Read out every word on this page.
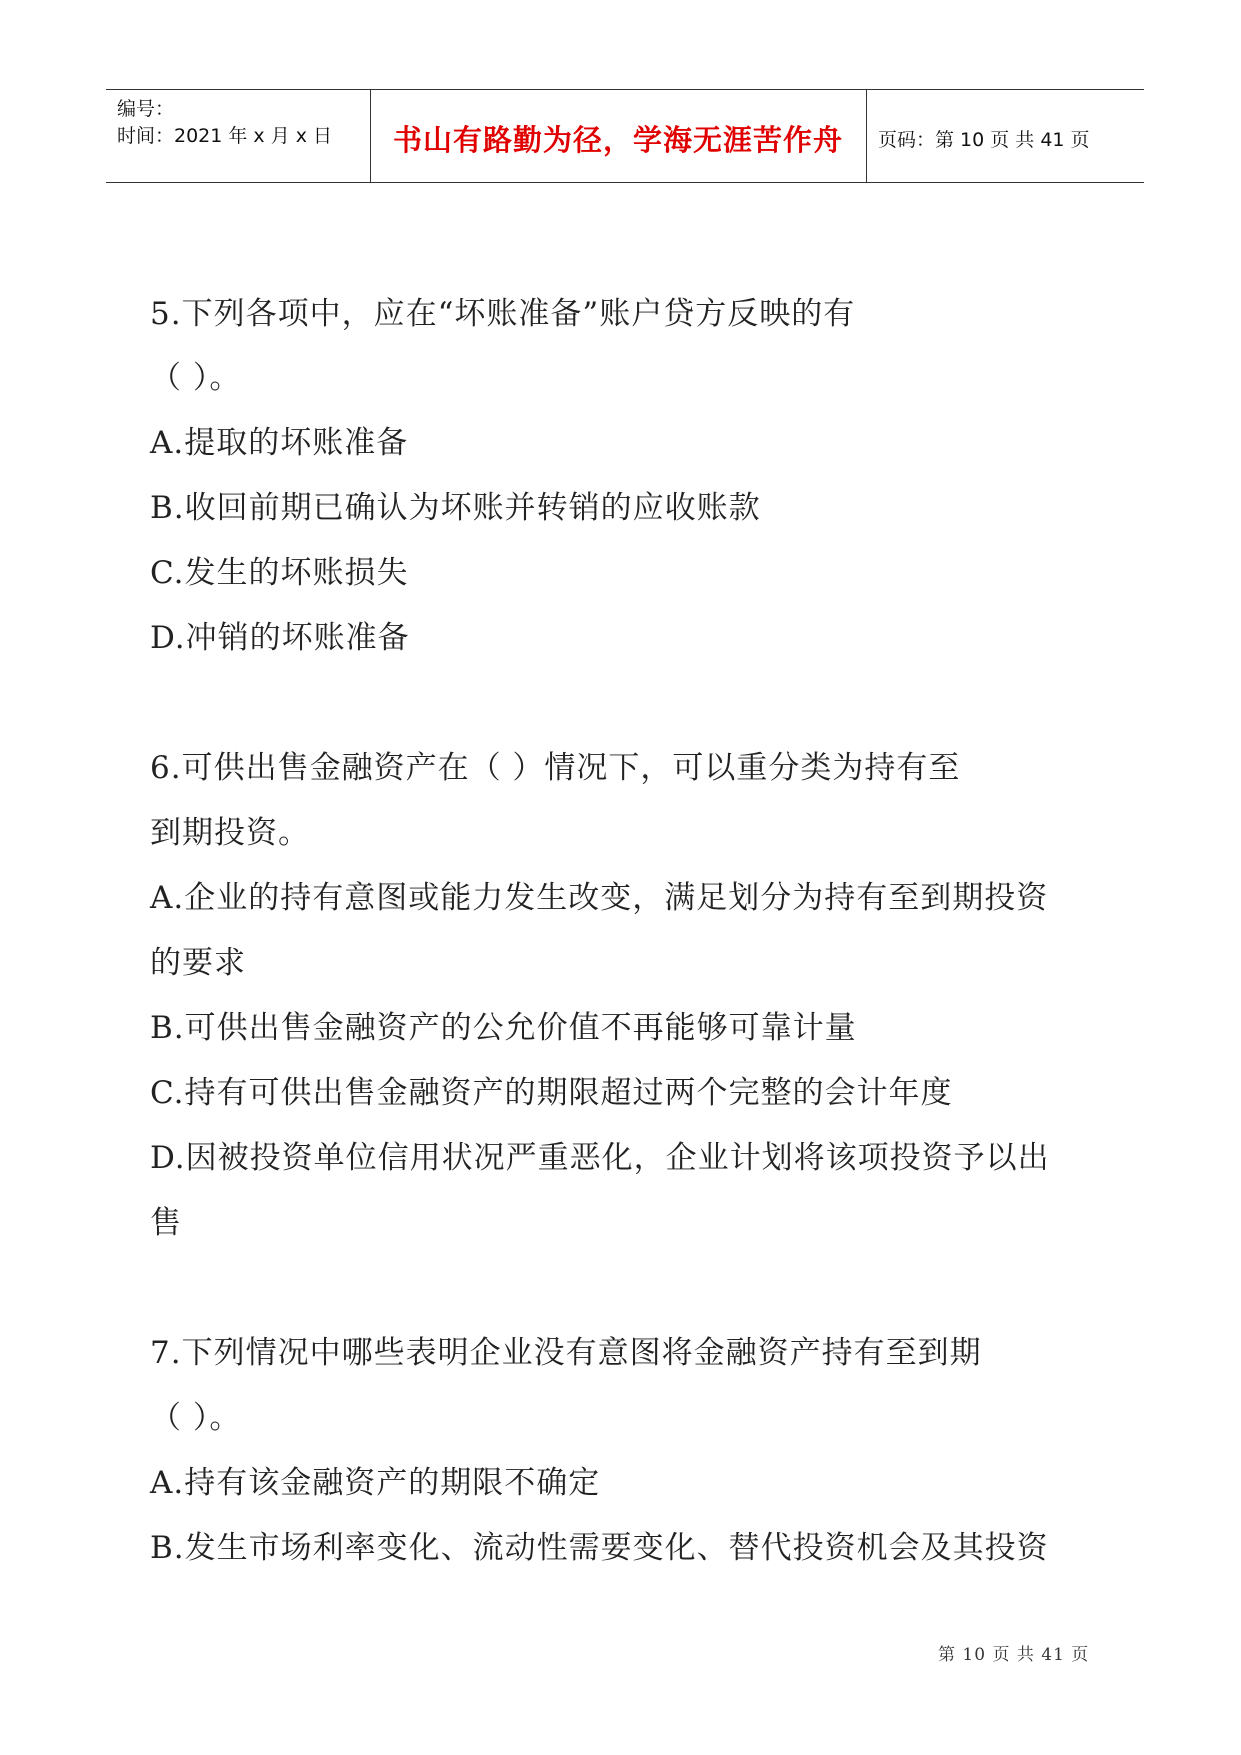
编号：
时间：2021 年 x 月 x 日	书山有路勤为径，学海无涯苦作舟	页码：第 10 页 共 41 页
5.下列各项中，应在“坏账准备”账户贷方反映的有
（ ）。
A.提取的坏账准备
B.收回前期已确认为坏账并转销的应收账款
C.发生的坏账损失
D.冲销的坏账准备
6.可供出售金融资产在（ ）情况下，可以重分类为持有至
到期投资。
A.企业的持有意图或能力发生改变，满足划分为持有至到期投资
的要求
B.可供出售金融资产的公允价值不再能够可靠计量
C.持有可供出售金融资产的期限超过两个完整的会计年度
D.因被投资单位信用状况严重恶化，企业计划将该项投资予以出
售
7.下列情况中哪些表明企业没有意图将金融资产持有至到期
（ ）。
A.持有该金融资产的期限不确定
B.发生市场利率变化、流动性需要变化、替代投资机会及其投资
第 10 页 共 41 页
